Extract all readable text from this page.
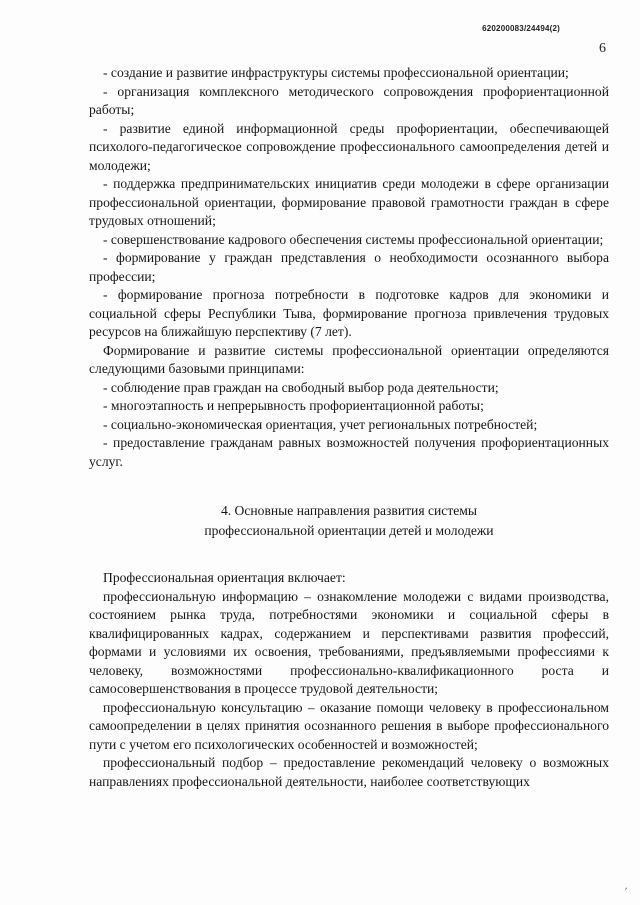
620200083/24494(2)
6

- создание и развитие инфраструктуры системы профессиональной ориентации;

- организация комплексного методического сопровождения профориентационной работы;

- развитие единой информационной среды профориентации, обеспечивающей психолого-педагогическое сопровождение профессионального самоопределения детей и молодежи;

- поддержка предпринимательских инициатив среди молодежи в сфере организации профессиональной ориентации, формирование правовой грамотности граждан в сфере трудовых отношений;

- совершенствование кадрового обеспечения системы профессиональной ориентации;

- формирование у граждан представления о необходимости осознанного выбора профессии;

- формирование прогноза потребности в подготовке кадров для экономики и социальной сферы Республики Тыва, формирование прогноза привлечения трудовых ресурсов на ближайшую перспективу (7 лет).

Формирование и развитие системы профессиональной ориентации определяются следующими базовыми принципами:

- соблюдение прав граждан на свободный выбор рода деятельности;

- многоэтапность и непрерывность профориентационной работы;

- социально-экономическая ориентация, учет региональных потребностей;

- предоставление гражданам равных возможностей получения профориентационных услуг.

4. Основные направления развития системы
профессиональной ориентации детей и молодежи

Профессиональная ориентация включает:

профессиональную информацию – ознакомление молодежи с видами производства, состоянием рынка труда, потребностями экономики и социальной сферы в квалифицированных кадрах, содержанием и перспективами развития профессий, формами и условиями их освоения, требованиями, предъявляемыми профессиями к человеку, возможностями профессионально-квалификационного роста и самосовершенствования в процессе трудовой деятельности;

профессиональную консультацию – оказание помощи человеку в профессиональном самоопределении в целях принятия осознанного решения в выборе профессионального пути с учетом его психологических особенностей и возможностей;

профессиональный подбор – предоставление рекомендаций человеку о возможных направлениях профессиональной деятельности, наиболее соответствующих

ʹ
